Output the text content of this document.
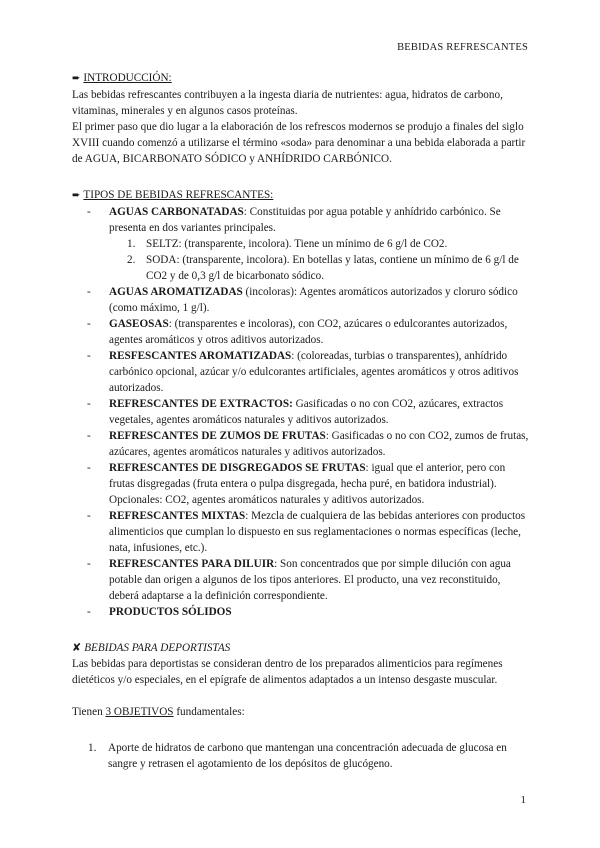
BEBIDAS REFRESCANTES

➨ INTRODUCCIÓN:

Las bebidas refrescantes contribuyen a la ingesta diaria de nutrientes: agua, hidratos de carbono, vitaminas, minerales y en algunos casos proteínas.

El primer paso que dio lugar a la elaboración de los refrescos modernos se produjo a finales del siglo XVIII cuando comenzó a utilizarse el término «soda» para denominar a una bebida elaborada a partir de AGUA, BICARBONATO SÓDICO y ANHÍDRIDO CARBÓNICO.

➨ TIPOS DE BEBIDAS REFRESCANTES:

- AGUAS CARBONATADAS: Constituidas por agua potable y anhídrido carbónico. Se presenta en dos variantes principales.
1. SELTZ: (transparente, incolora). Tiene un mínimo de 6 g/l de CO2.
2. SODA: (transparente, incolora). En botellas y latas, contiene un mínimo de 6 g/l de CO2 y de 0,3 g/l de bicarbonato sódico.
- AGUAS AROMATIZADAS (incoloras): Agentes aromáticos autorizados y cloruro sódico (como máximo, 1 g/l).
- GASEOSAS: (transparentes e incoloras), con CO2, azúcares o edulcorantes autorizados, agentes aromáticos y otros aditivos autorizados.
- RESFESCANTES AROMATIZADAS: (coloreadas, turbias o transparentes), anhídrido carbónico opcional, azúcar y/o edulcorantes artificiales, agentes aromáticos y otros aditivos autorizados.
- REFRESCANTES DE EXTRACTOS: Gasificadas o no con CO2, azúcares, extractos vegetales, agentes aromáticos naturales y aditivos autorizados.
- REFRESCANTES DE ZUMOS DE FRUTAS: Gasificadas o no con CO2, zumos de frutas, azúcares, agentes aromáticos naturales y aditivos autorizados.
- REFRESCANTES DE DISGREGADOS SE FRUTAS: igual que el anterior, pero con frutas disgregadas (fruta entera o pulpa disgregada, hecha puré, en batidora industrial). Opcionales: CO2, agentes aromáticos naturales y aditivos autorizados.
- REFRESCANTES MIXTAS: Mezcla de cualquiera de las bebidas anteriores con productos alimenticios que cumplan lo dispuesto en sus reglamentaciones o normas específicas (leche, nata, infusiones, etc.).
- REFRESCANTES PARA DILUIR: Son concentrados que por simple dilución con agua potable dan origen a algunos de los tipos anteriores. El producto, una vez reconstituido, deberá adaptarse a la definición correspondiente.
- PRODUCTOS SÓLIDOS

✘ BEBIDAS PARA DEPORTISTAS

Las bebidas para deportistas se consideran dentro de los preparados alimenticios para regímenes dietéticos y/o especiales, en el epígrafe de alimentos adaptados a un intenso desgaste muscular.

Tienen 3 OBJETIVOS fundamentales:

1. Aporte de hidratos de carbono que mantengan una concentración adecuada de glucosa en sangre y retrasen el agotamiento de los depósitos de glucógeno.
1
